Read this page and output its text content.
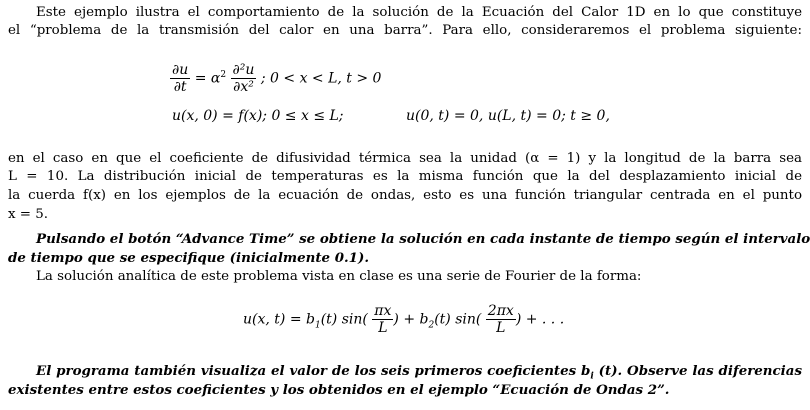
Este ejemplo ilustra el comportamiento de la solución de la Ecuación del Calor 1D en lo que constituye
el “problema de la transmisión del calor en una barra”. Para ello, consideraremos el problema siguiente:
$\frac{\partial u}{\partial t} = \alpha^2 \frac{\text{∂²u}}{\text{∂x²}}$ ; 0 < x < L, t > 0
u(x, 0) = f(x); 0 ≤ x ≤ L;	u(0, t) = 0, u(L, t) = 0; t ≥ 0,
en el caso en que el coeficiente de difusividad térmica sea la unidad (α = 1) y la longitud de la barra sea
L = 10. La distribución inicial de temperaturas es la misma función que la del desplazamiento inicial de
la cuerda f(x) en los ejemplos de la ecuación de ondas, esto es una función triangular centrada en el punto
x = 5.
Pulsando el botón “Advance Time” se obtiene la solución en cada instante de tiempo según el intervalo
de tiempo que se especifique (inicialmente 0.1).
La solución analítica de este problema vista en clase es una serie de Fourier de la forma:
u(x, $t) = b_1(t)$ $\sin( \frac{\pi x}{L}$ ) + $b_2(t)$ $\sin( \frac{2\pi x}{L}$ ) + . . .
El programa también visualiza el valor de los seis primeros coeficientes $b_i$ (t). Observe las diferencias
existentes entre estos coeficientes y los obtenidos en el ejemplo “Ecuación de Ondas 2”.
